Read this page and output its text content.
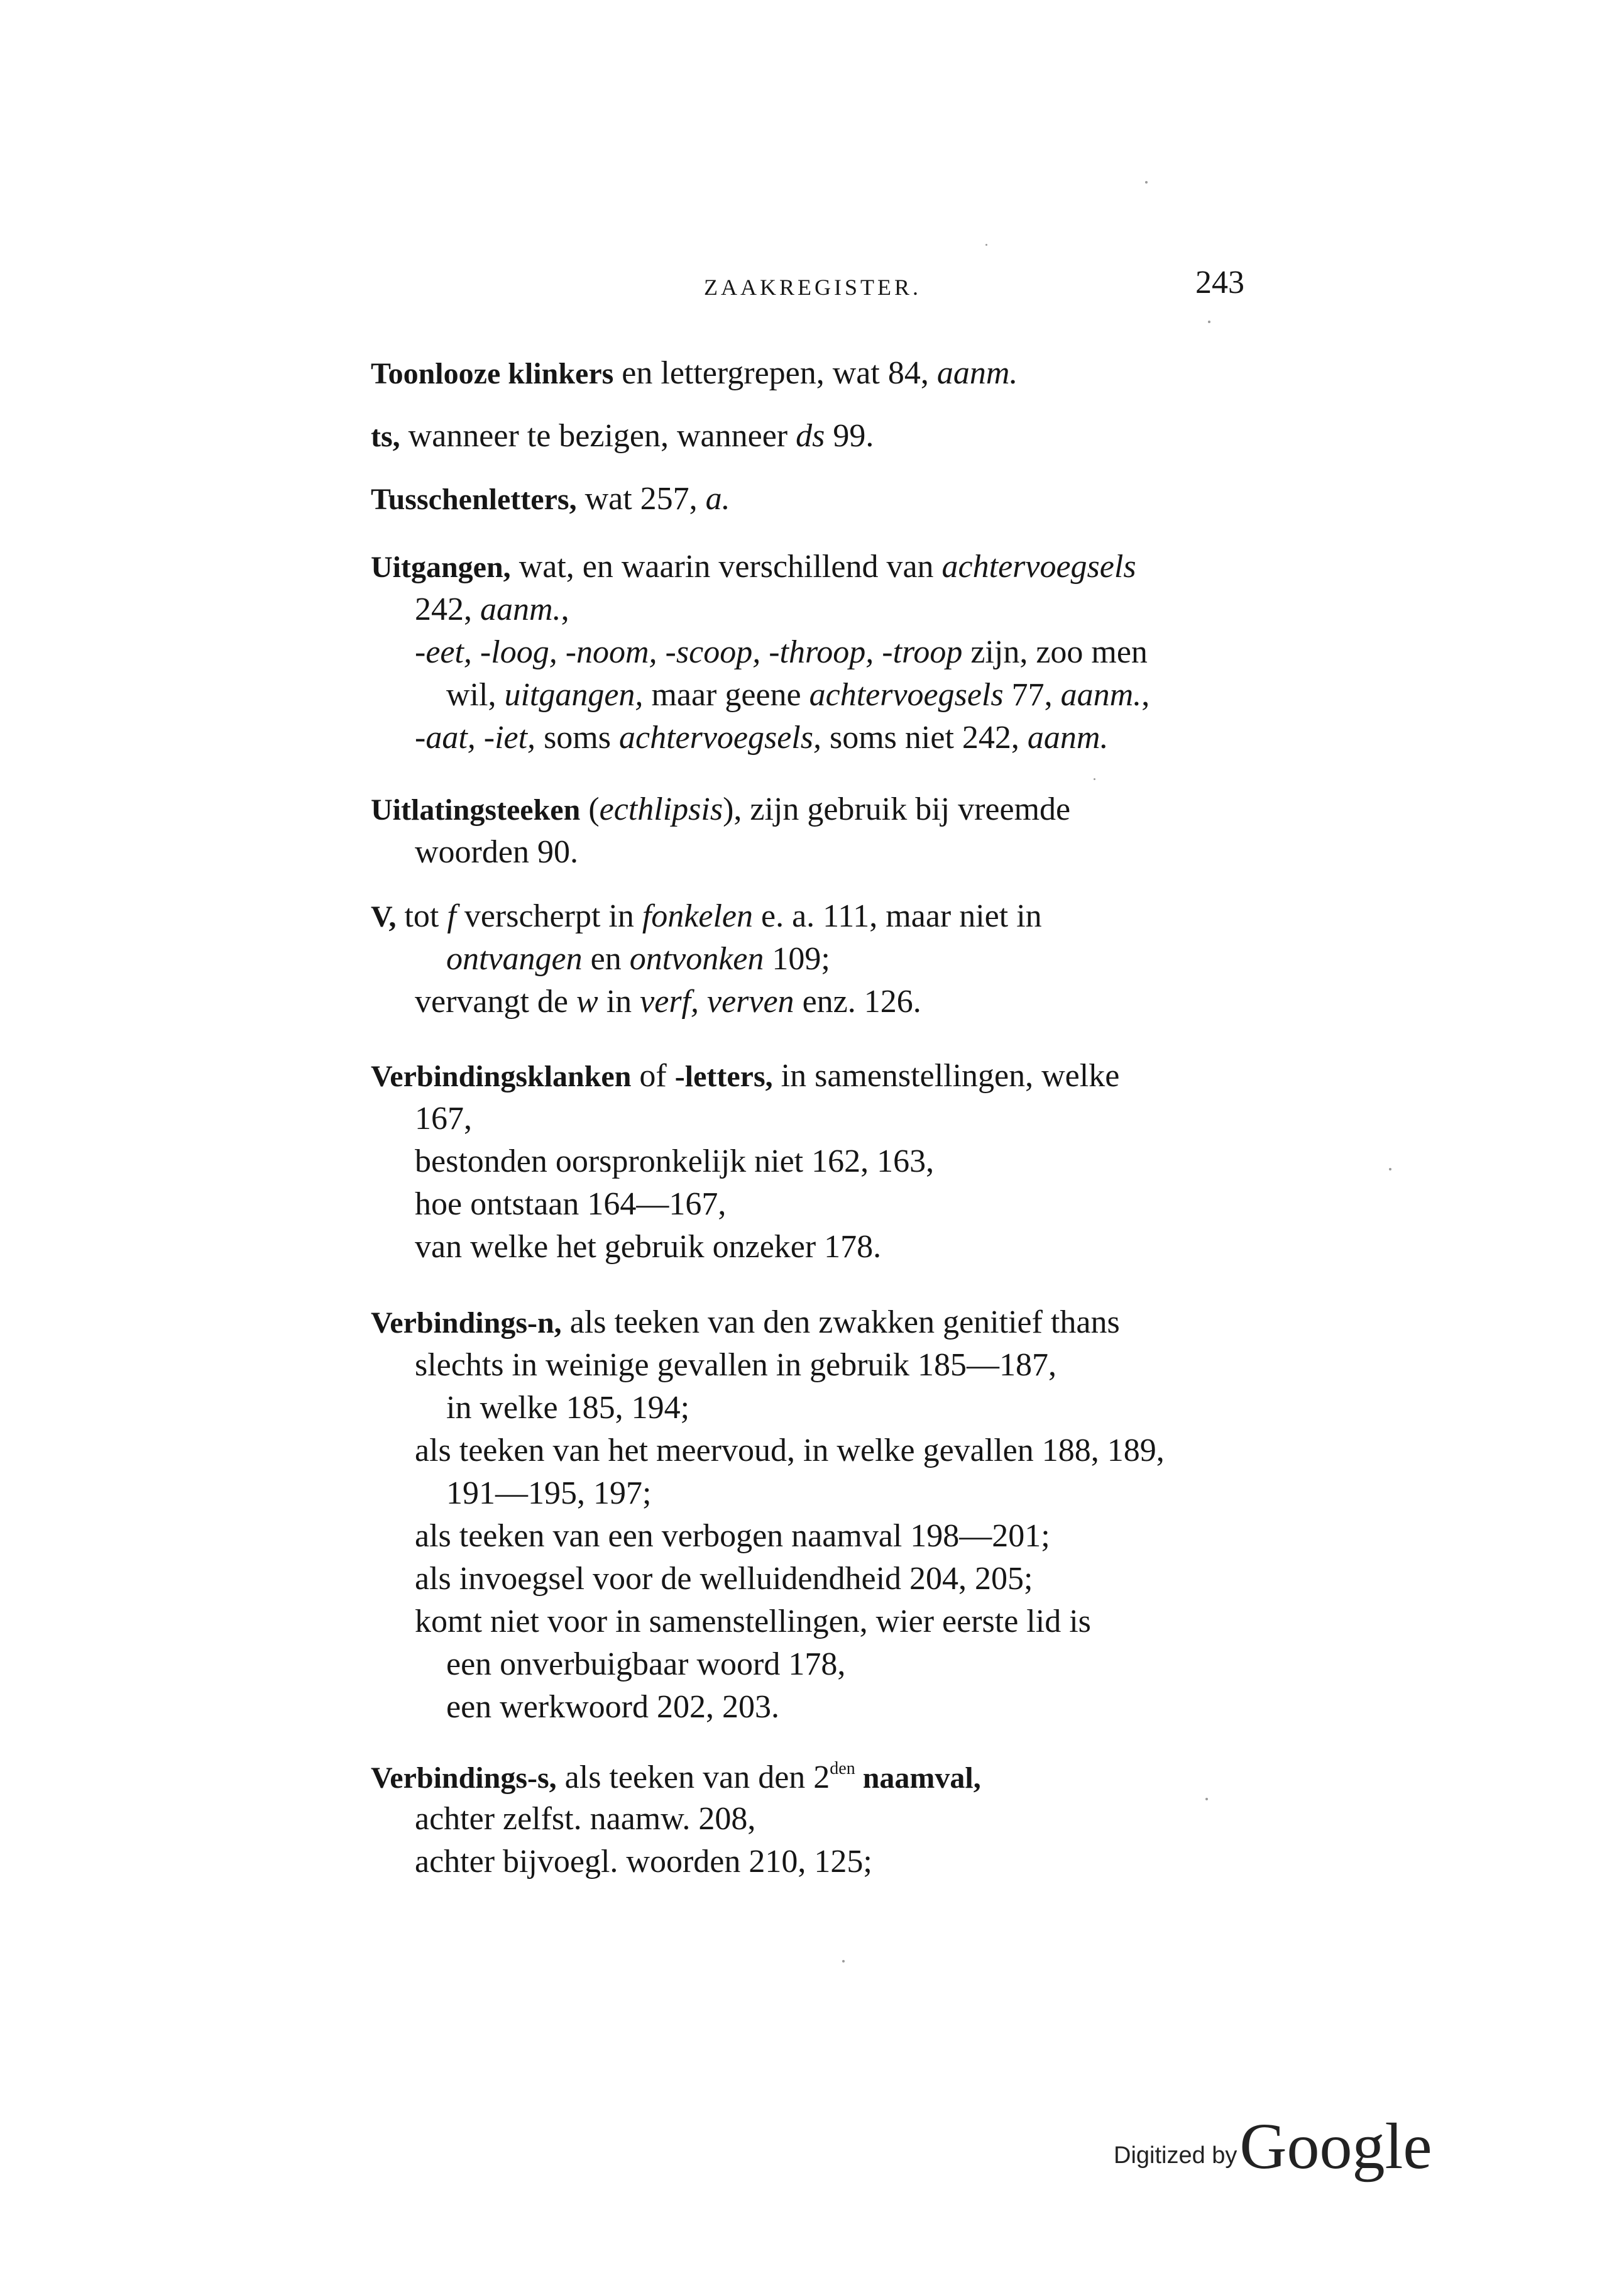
ZAAKREGISTER.	243
Toonlooze klinkers en lettergrepen, wat 84, aanm.
ts, wanneer te bezigen, wanneer ds 99.
Tusschenletters, wat 257, a.
Uitgangen, wat, en waarin verschillend van achtervoegsels
242, aanm.,
-eet, -loog, -noom, -scoop, -throop, -troop zijn, zoo men
wil, uitgangen, maar geene achtervoegsels 77, aanm.,
-aat, -iet, soms achtervoegsels, soms niet 242, aanm.
Uitlatingsteeken (ecthlipsis), zijn gebruik bij vreemde
woorden 90.
V, tot f verscherpt in fonkelen e. a. 111, maar niet in
ontvangen en ontvonken 109;
vervangt de w in verf, verven enz. 126.
Verbindingsklanken of -letters, in samenstellingen, welke
167,
bestonden oorspronkelijk niet 162, 163,
hoe ontstaan 164—167,
van welke het gebruik onzeker 178.
Verbindings-n, als teeken van den zwakken genitief thans
slechts in weinige gevallen in gebruik 185—187,
in welke 185, 194;
als teeken van het meervoud, in welke gevallen 188, 189,
191—195, 197;
als teeken van een verbogen naamval 198—201;
als invoegsel voor de welluidendheid 204, 205;
komt niet voor in samenstellingen, wier eerste lid is
een onverbuigbaar woord 178,
een werkwoord 202, 203.
Verbindings-s, als teeken van den $2^{den}$ naamval,
achter zelfst. naamw. 208,
achter bijvoegl. woorden 210, 125;
Digitized byGoogle
